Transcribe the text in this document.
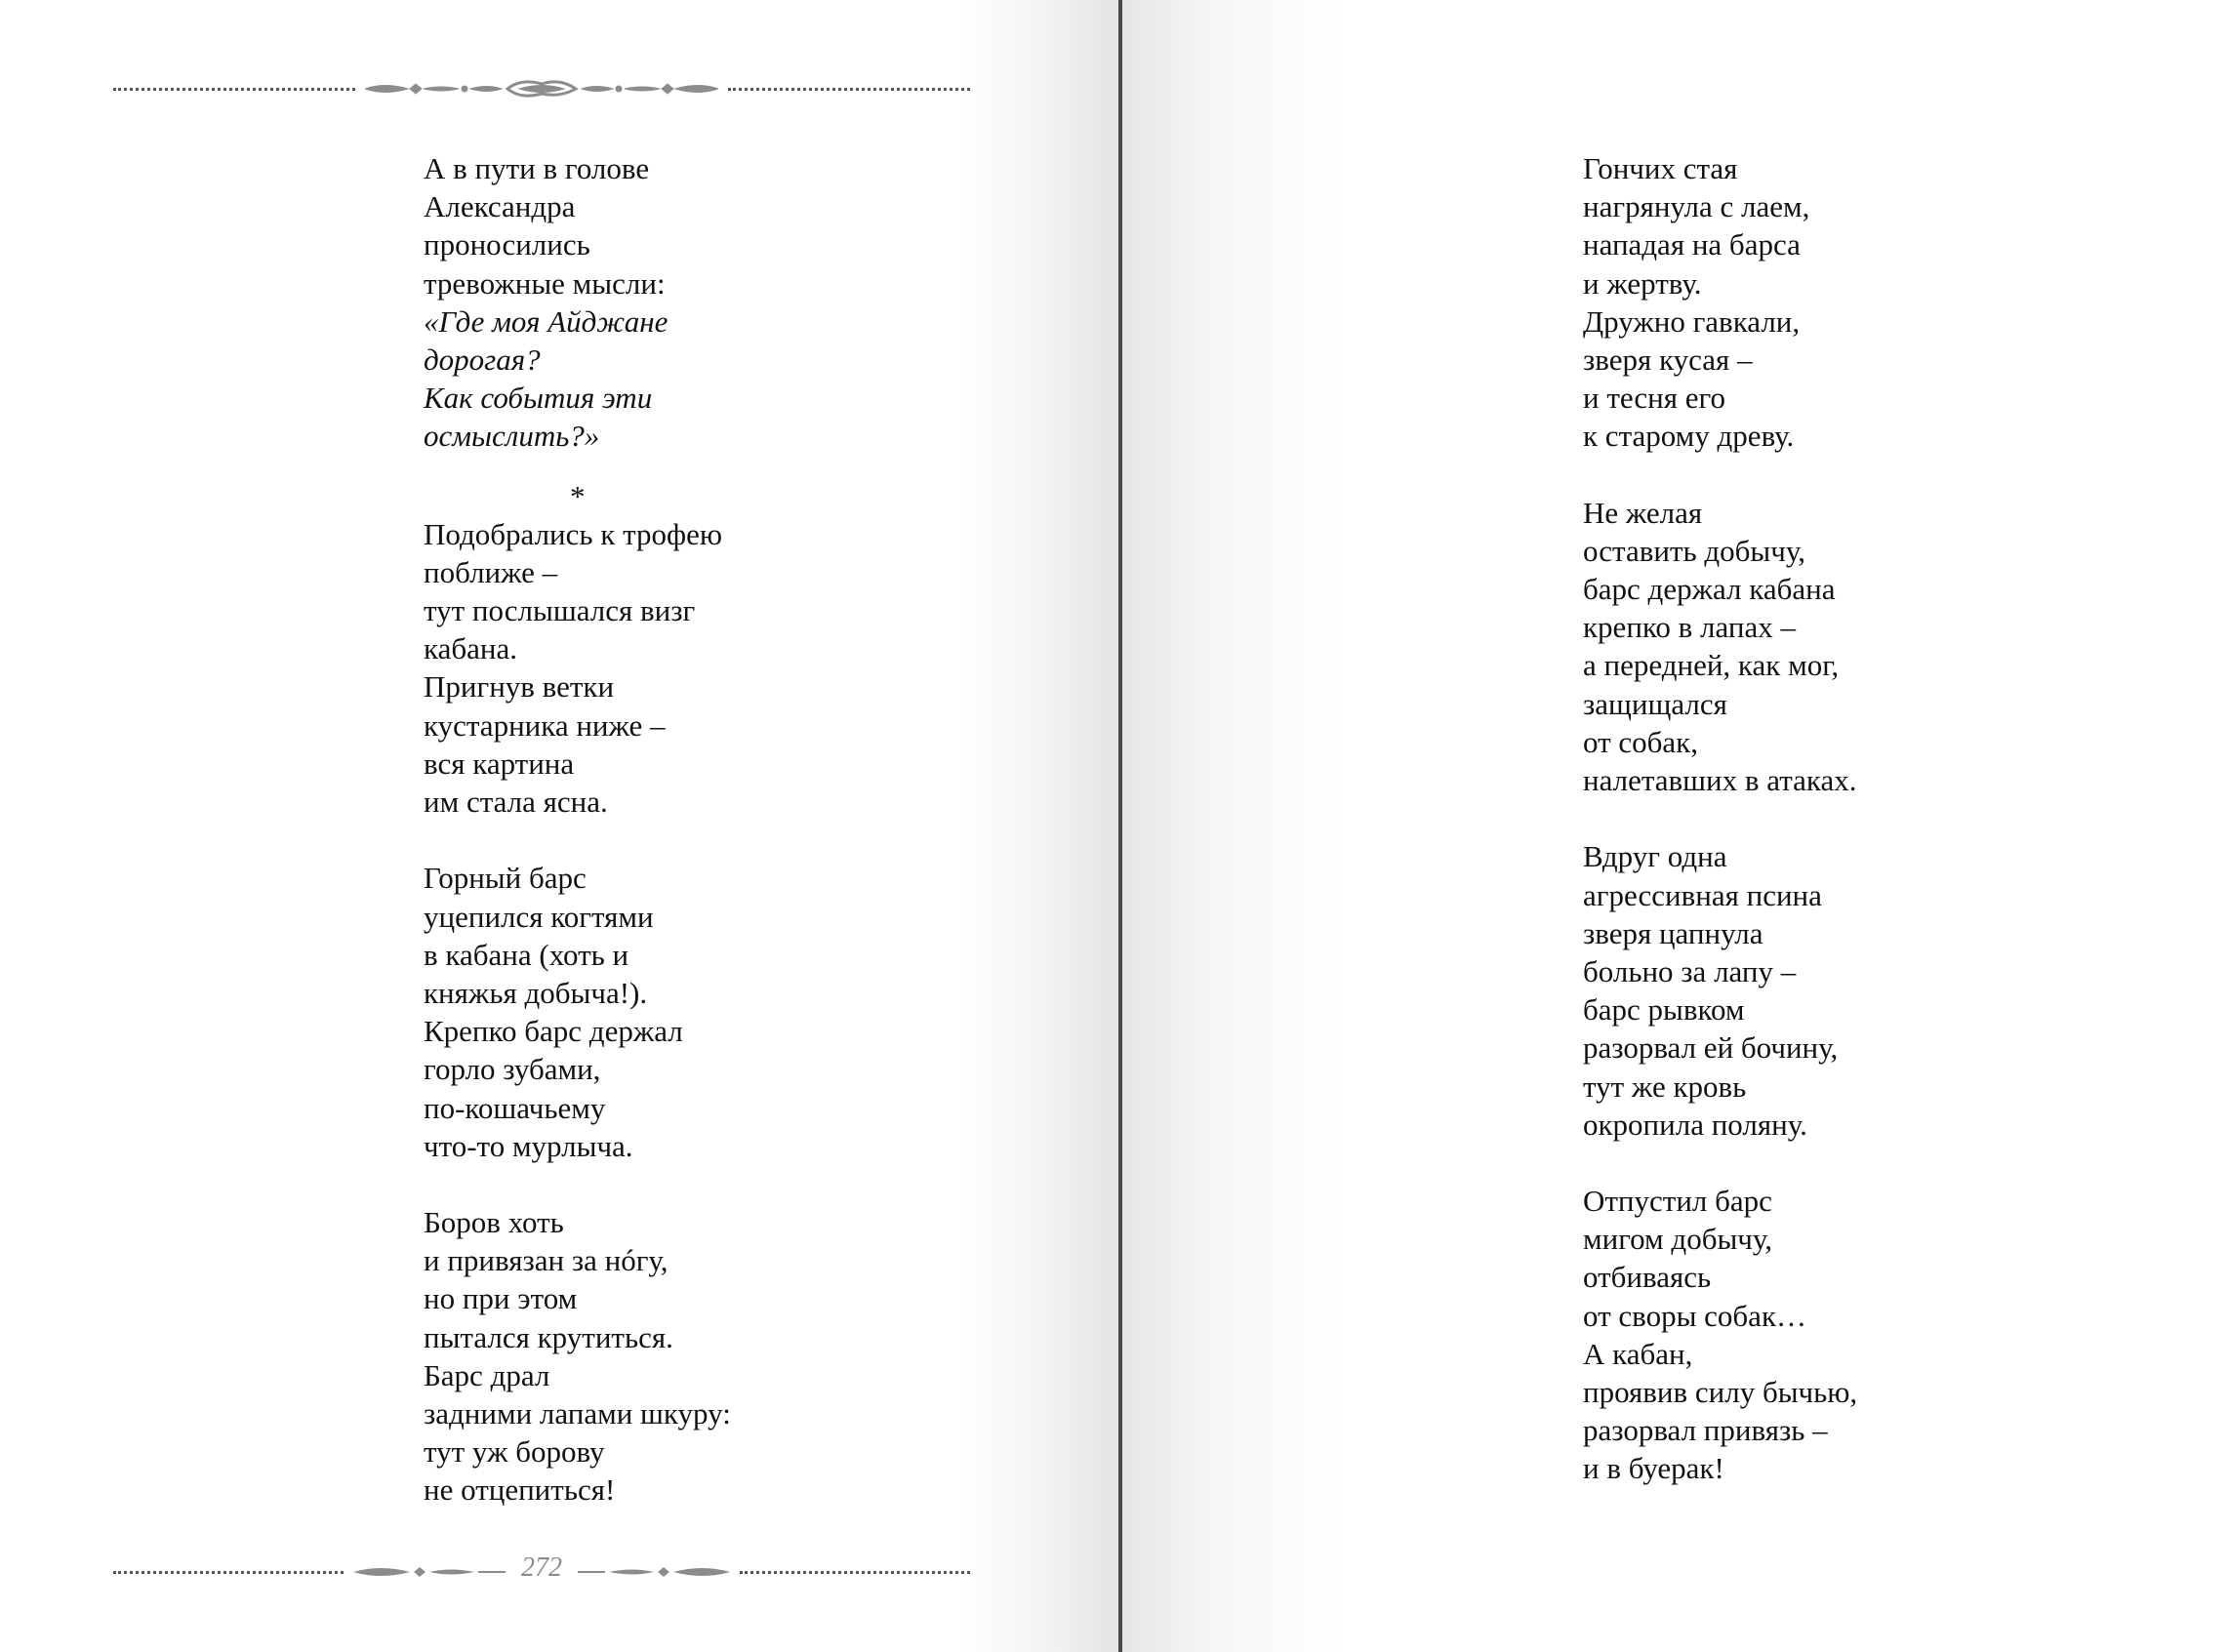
А в пути в голове
Александра
проносились
тревожные мысли:
«Где моя Айджане
дорогая?
Как события эти
осмыслить?»
*
Подобрались к трофею
поближе –
тут послышался визг
кабана.
Пригнув ветки
кустарника ниже –
вся картина
им стала ясна.
Горный барс
уцепился когтями
в кабана (хоть и
княжья добыча!).
Крепко барс держал
горло зубами,
по-кошачьему
что-то мурлыча.
Боров хоть
и привязан за нóгу,
но при этом
пытался крутиться.
Барс драл
задними лапами шкуру:
тут уж борову
не отцепиться!
272
Гончих стая
нагрянула с лаем,
нападая на барса
и жертву.
Дружно гавкали,
зверя кусая –
и тесня его
к старому древу.
Не желая
оставить добычу,
барс держал кабана
крепко в лапах –
а передней, как мог,
защищался
от собак,
налетавших в атаках.
Вдруг одна
агрессивная псина
зверя цапнула
больно за лапу –
барс рывком
разорвал ей бочину,
тут же кровь
окропила поляну.
Отпустил барс
мигом добычу,
отбиваясь
от своры собак…
А кабан,
проявив силу бычью,
разорвал привязь –
и в буерак!
